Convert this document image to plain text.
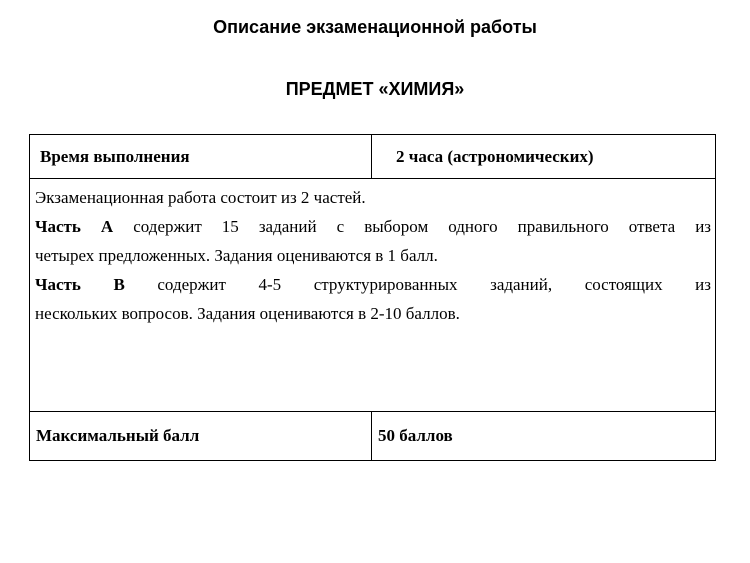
Описание экзаменационной работы
ПРЕДМЕТ «ХИМИЯ»
Время выполнения	2 часа (астрономических)

Экзаменационная работа состоит из 2 частей.
Часть А содержит 15 заданий с выбором одного правильного ответа из
четырех предложенных. Задания оцениваются в 1 балл.
Часть В содержит 4-5 структурированных заданий, состоящих из
нескольких вопросов. Задания оцениваются в 2-10 баллов.	

Максимальный балл	50 баллов
